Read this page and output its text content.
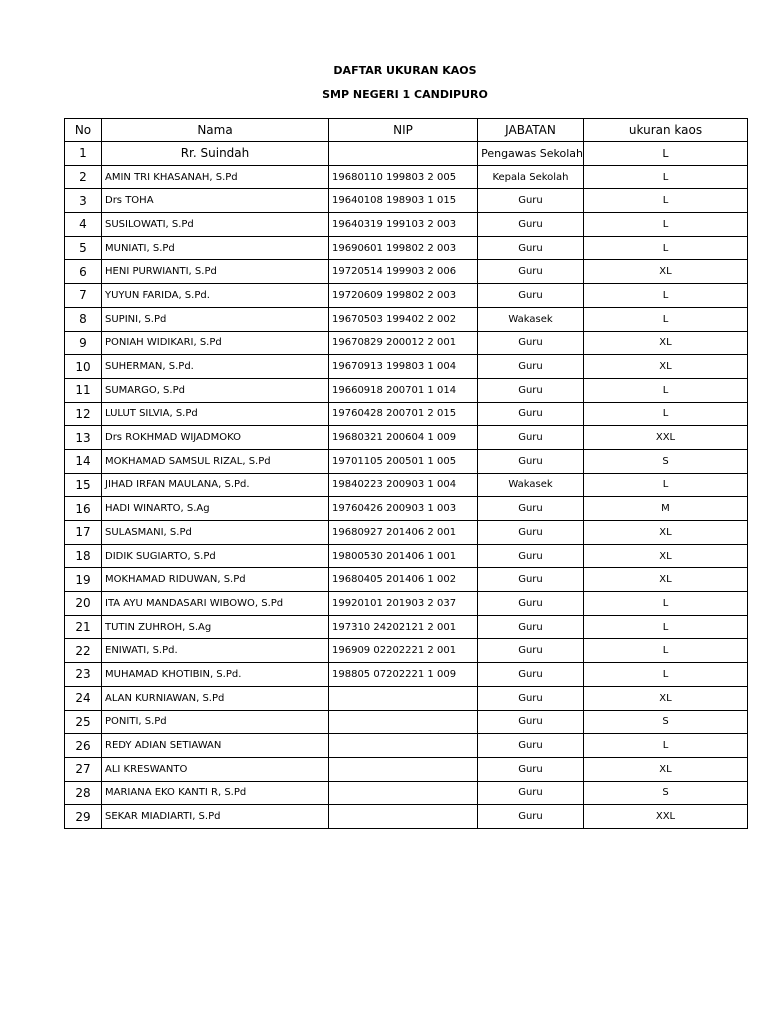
DAFTAR UKURAN KAOS
SMP NEGERI 1 CANDIPURO
No	Nama	NIP	JABATAN	ukuran kaos
1	Rr. Suindah		Pengawas Sekolah	L
2	AMIN TRI KHASANAH, S.Pd	19680110 199803 2 005	Kepala Sekolah	L
3	Drs TOHA	19640108 198903 1 015	Guru	L
4	SUSILOWATI, S.Pd	19640319 199103 2 003	Guru	L
5	MUNIATI, S.Pd	19690601 199802 2 003	Guru	L
6	HENI PURWIANTI, S.Pd	19720514 199903 2 006	Guru	XL
7	YUYUN FARIDA, S.Pd.	19720609 199802 2 003	Guru	L
8	SUPINI, S.Pd	19670503 199402 2 002	Wakasek	L
9	PONIAH WIDIKARI, S.Pd	19670829 200012 2 001	Guru	XL
10	SUHERMAN, S.Pd.	19670913 199803 1 004	Guru	XL
11	SUMARGO, S.Pd	19660918 200701 1 014	Guru	L
12	LULUT SILVIA, S.Pd	19760428 200701 2 015	Guru	L
13	Drs ROKHMAD WIJADMOKO	19680321 200604 1 009	Guru	XXL
14	MOKHAMAD SAMSUL RIZAL, S.Pd	19701105 200501 1 005	Guru	S
15	JIHAD IRFAN MAULANA, S.Pd.	19840223 200903 1 004	Wakasek	L
16	HADI WINARTO, S.Ag	19760426 200903 1 003	Guru	M
17	SULASMANI, S.Pd	19680927 201406 2 001	Guru	XL
18	DIDIK SUGIARTO, S.Pd	19800530 201406 1 001	Guru	XL
19	MOKHAMAD RIDUWAN, S.Pd	19680405 201406 1 002	Guru	XL
20	ITA AYU MANDASARI WIBOWO, S.Pd	19920101 201903 2 037	Guru	L
21	TUTIN ZUHROH, S.Ag	197310 24202121 2 001	Guru	L
22	ENIWATI, S.Pd.	196909 02202221 2 001	Guru	L
23	MUHAMAD KHOTIBIN, S.Pd.	198805 07202221 1 009	Guru	L
24	ALAN KURNIAWAN, S.Pd		Guru	XL
25	PONITI, S.Pd		Guru	S
26	REDY ADIAN SETIAWAN		Guru	L
27	ALI KRESWANTO		Guru	XL
28	MARIANA EKO KANTI R, S.Pd		Guru	S
29	SEKAR MIADIARTI, S.Pd		Guru	XXL
